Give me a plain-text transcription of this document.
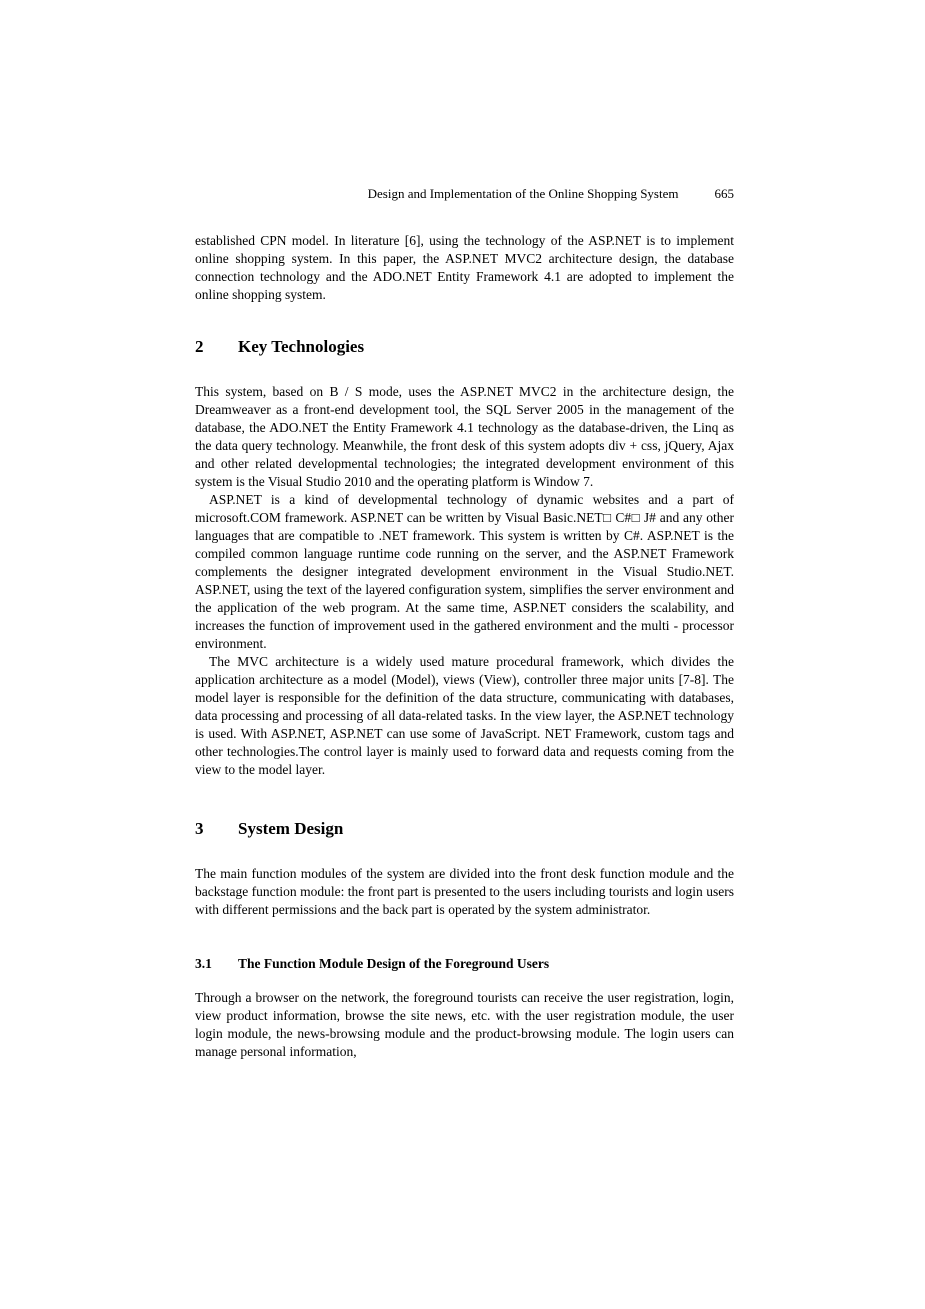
Design and Implementation of the Online Shopping System	665

established CPN model. In literature [6], using the technology of the ASP.NET is to implement online shopping system. In this paper, the ASP.NET MVC2 architecture design, the database connection technology and the ADO.NET Entity Framework 4.1 are adopted to implement the online shopping system.

2 Key Technologies

This system, based on B / S mode, uses the ASP.NET MVC2 in the architecture design, the Dreamweaver as a front-end development tool, the SQL Server 2005 in the management of the database, the ADO.NET the Entity Framework 4.1 technology as the database-driven, the Linq as the data query technology. Meanwhile, the front desk of this system adopts div + css, jQuery, Ajax and other related developmental technologies; the integrated development environment of this system is the Visual Studio 2010 and the operating platform is Window 7.

ASP.NET is a kind of developmental technology of dynamic websites and a part of microsoft.COM framework. ASP.NET can be written by Visual Basic.NET□ C#□ J# and any other languages that are compatible to .NET framework. This system is written by C#. ASP.NET is the compiled common language runtime code running on the server, and the ASP.NET Framework complements the designer integrated development environment in the Visual Studio.NET. ASP.NET, using the text of the layered configuration system, simplifies the server environment and the application of the web program. At the same time, ASP.NET considers the scalability, and increases the function of improvement used in the gathered environment and the multi - processor environment.

The MVC architecture is a widely used mature procedural framework, which divides the application architecture as a model (Model), views (View), controller three major units [7-8]. The model layer is responsible for the definition of the data structure, communicating with databases, data processing and processing of all data-related tasks. In the view layer, the ASP.NET technology is used. With ASP.NET, ASP.NET can use some of JavaScript. NET Framework, custom tags and other technologies.The control layer is mainly used to forward data and requests coming from the view to the model layer.

3 System Design

The main function modules of the system are divided into the front desk function module and the backstage function module: the front part is presented to the users including tourists and login users with different permissions and the back part is operated by the system administrator.

3.1 The Function Module Design of the Foreground Users

Through a browser on the network, the foreground tourists can receive the user registration, login, view product information, browse the site news, etc. with the user registration module, the user login module, the news-browsing module and the product-browsing module. The login users can manage personal information,
